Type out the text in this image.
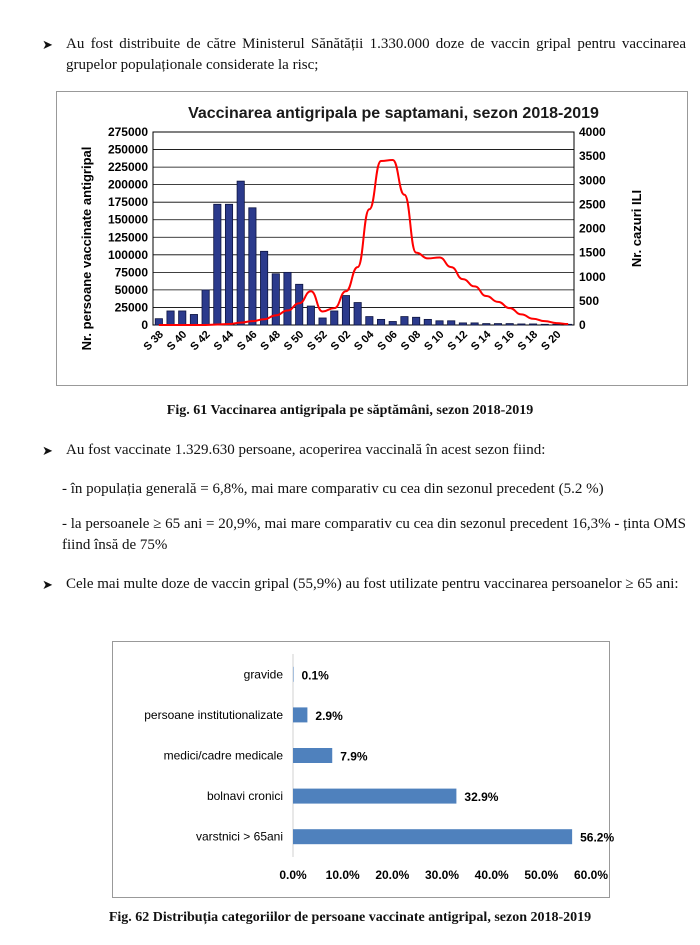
➤ Au fost distribuite de către Ministerul Sănătății 1.330.000 doze de vaccin gripal pentru vaccinarea grupelor populaționale considerate la risc;
Vaccinarea antigripala pe saptamani, sezon 2018-2019
0
25000
50000
75000
100000
125000
150000
175000
200000
225000
250000
275000
0
500
1000
1500
2000
2500
3000
3500
4000
Nr. persoane vaccinate antigripal	Nr. cazuri ILI
S 38
S 40
S 42
S 44
S 46
S 48
S 50
S 52
S 02
S 04
S 06
S 08
S 10
S 12
S 14
S 16
S 18
S 20
Fig. 61 Vaccinarea antigripala pe săptămâni, sezon 2018-2019
➤ Au fost vaccinate 1.329.630 persoane, acoperirea vaccinală în acest sezon fiind:
- în populația generală = 6,8%, mai mare comparativ cu cea din sezonul precedent (5.2 %)
- la persoanele ≥ 65 ani = 20,9%, mai mare comparativ cu cea din sezonul precedent 16,3% - ținta OMS fiind însă de 75%
➤ Cele mai multe doze de vaccin gripal (55,9%) au fost utilizate pentru vaccinarea persoanelor ≥ 65 ani:
gravide 0.1%
persoane institutionalizate	2.9%
medici/cadre medicale	7.9%
bolnavi cronici	32.9%
varstnici > 65ani	56.2%
0.0% 10.0% 20.0% 30.0% 40.0% 50.0% 60.0%
Fig. 62 Distribuția categoriilor de persoane vaccinate antigripal, sezon 2018-2019
